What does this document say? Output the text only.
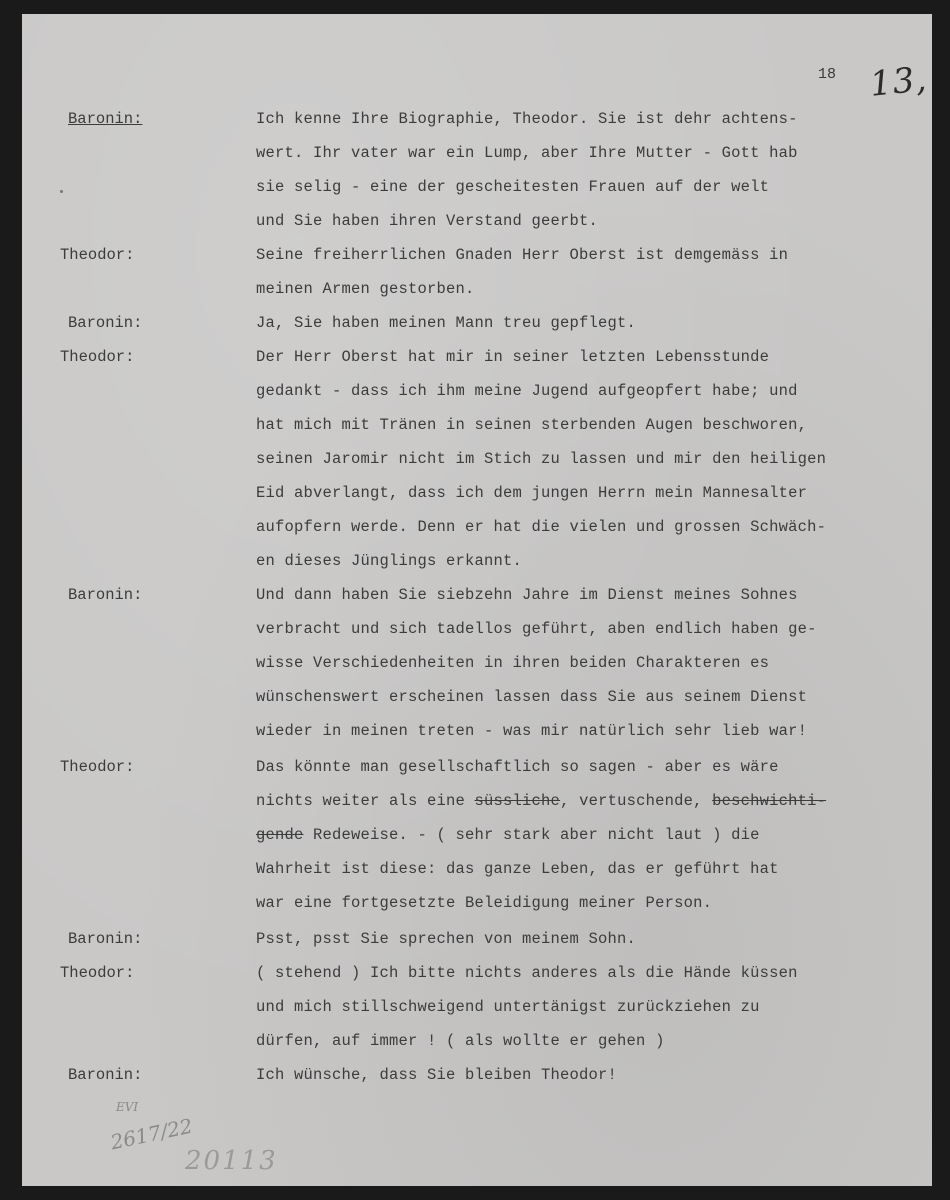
18 13,
Baronin:	Ich kenne Ihre Biographie, Theodor. Sie ist dehr achtens-
wert. Ihr vater war ein Lump, aber Ihre Mutter - Gott hab
sie selig - eine der gescheitesten Frauen auf der welt
und Sie haben ihren Verstand geerbt.
Theodor:	Seine freiherrlichen Gnaden Herr Oberst ist demgemäss in
meinen Armen gestorben.
Baronin:	Ja, Sie haben meinen Mann treu gepflegt.
Theodor:	Der Herr Oberst hat mir in seiner letzten Lebensstunde
gedankt - dass ich ihm meine Jugend aufgeopfert habe; und
hat mich mit Tränen in seinen sterbenden Augen beschworen,
seinen Jaromir nicht im Stich zu lassen und mir den heiligen
Eid abverlangt, dass ich dem jungen Herrn mein Mannesalter
aufopfern werde. Denn er hat die vielen und grossen Schwäch-
en dieses Jünglings erkannt.
Baronin:	Und dann haben Sie siebzehn Jahre im Dienst meines Sohnes
verbracht und sich tadellos geführt, aben endlich haben ge-
wisse Verschiedenheiten in ihren beiden Charakteren es
wünschenswert erscheinen lassen dass Sie aus seinem Dienst
wieder in meinen treten - was mir natürlich sehr lieb war!
Theodor:	Das könnte man gesellschaftlich so sagen - aber es wäre
nichts weiter als eine süssliche, vertuschende, beschwichti-
gende Redeweise. - ( sehr stark aber nicht laut ) die
Wahrheit ist diese: das ganze Leben, das er geführt hat
war eine fortgesetzte Beleidigung meiner Person.
Baronin:	Psst, psst Sie sprechen von meinem Sohn.
Theodor:	( stehend ) Ich bitte nichts anderes als die Hände küssen
und mich stillschweigend untertänigst zurückziehen zu
dürfen, auf immer ! ( als wollte er gehen )
Baronin:	Ich wünsche, dass Sie bleiben Theodor!
EVI
2617/22
20113
